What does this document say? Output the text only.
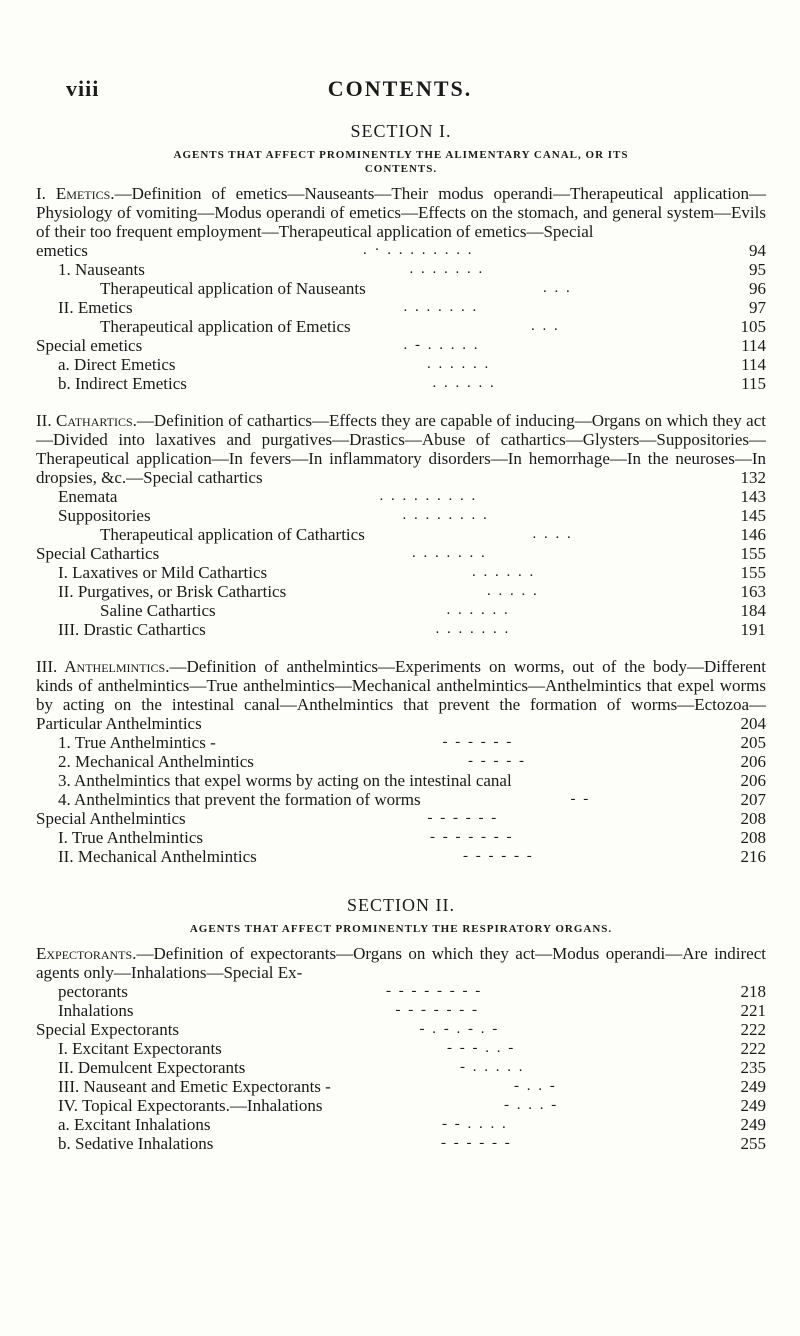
viii	CONTENTS.

SECTION I.

AGENTS THAT AFFECT PROMINENTLY THE ALIMENTARY CANAL, OR ITS
CONTENTS.
I. Emetics.—Definition of emetics—Nauseants—Their modus operandi—Therapeutical application—Physiology of vomiting—Modus operandi of emetics—Effects on the stomach, and general system—Evils of their too frequent employment—Therapeutical application of emetics—Special
emetics	. · . . . . . . . .	94
1. Nauseants	. . . . . . .	95
Therapeutical application of Nauseants	. . .	96
II. Emetics	. . . . . . .	97
Therapeutical application of Emetics	. . .	105
Special emetics	. - . . . . .	114
a. Direct Emetics	. . . . . .	114
b. Indirect Emetics	. . . . . .	115
II. Cathartics.—Definition of cathartics—Effects they are capable of inducing—Organs on which they act—Divided into laxatives and purgatives—Drastics—Abuse of cathartics—Glysters—Suppositories—Therapeutical application—In fevers—In inflammatory disorders—In hemorrhage—In the neuroses—In dropsies, &c.—Special cathartics	132
Enemata	. . . . . . . . .	143
Suppositories	. . . . . . . .	145
Therapeutical application of Cathartics	. . . .	146
Special Cathartics	. . . . . . .	155
I. Laxatives or Mild Cathartics	. . . . . .	155
II. Purgatives, or Brisk Cathartics	. . . . .	163
Saline Cathartics	. . . . . .	184
III. Drastic Cathartics	. . . . . . .	191
III. Anthelmintics.—Definition of anthelmintics—Experiments on worms, out of the body—Different kinds of anthelmintics—True anthelmintics—Mechanical anthelmintics—Anthelmintics that expel worms by acting on the intestinal canal—Anthelmintics that prevent the formation of worms—Ectozoa—Particular Anthelmintics	204
1. True Anthelmintics -	- - - - - -	205
2. Mechanical Anthelmintics	- - - - -	206
3. Anthelmintics that expel worms by acting on the intestinal canal	206
4. Anthelmintics that prevent the formation of worms	- -	207
Special Anthelmintics	- - - - - -	208
I. True Anthelmintics	- - - - - - -	208
II. Mechanical Anthelmintics	- - - - - -	216

SECTION II.

AGENTS THAT AFFECT PROMINENTLY THE RESPIRATORY ORGANS.
Expectorants.—Definition of expectorants—Organs on which they act—Modus operandi—Are indirect agents only—Inhalations—Special Ex-
pectorants	- - - - - - - -	218
Inhalations	- - - - - - -	221
Special Expectorants	- . - . - . -	222
I. Excitant Expectorants	- - - . . -	222
II. Demulcent Expectorants	- . . . . .	235
III. Nauseant and Emetic Expectorants -	- . . -	249
IV. Topical Expectorants.—Inhalations	- . . . -	249
a. Excitant Inhalations	- - . . . .	249
b. Sedative Inhalations	- - - - - -	255
